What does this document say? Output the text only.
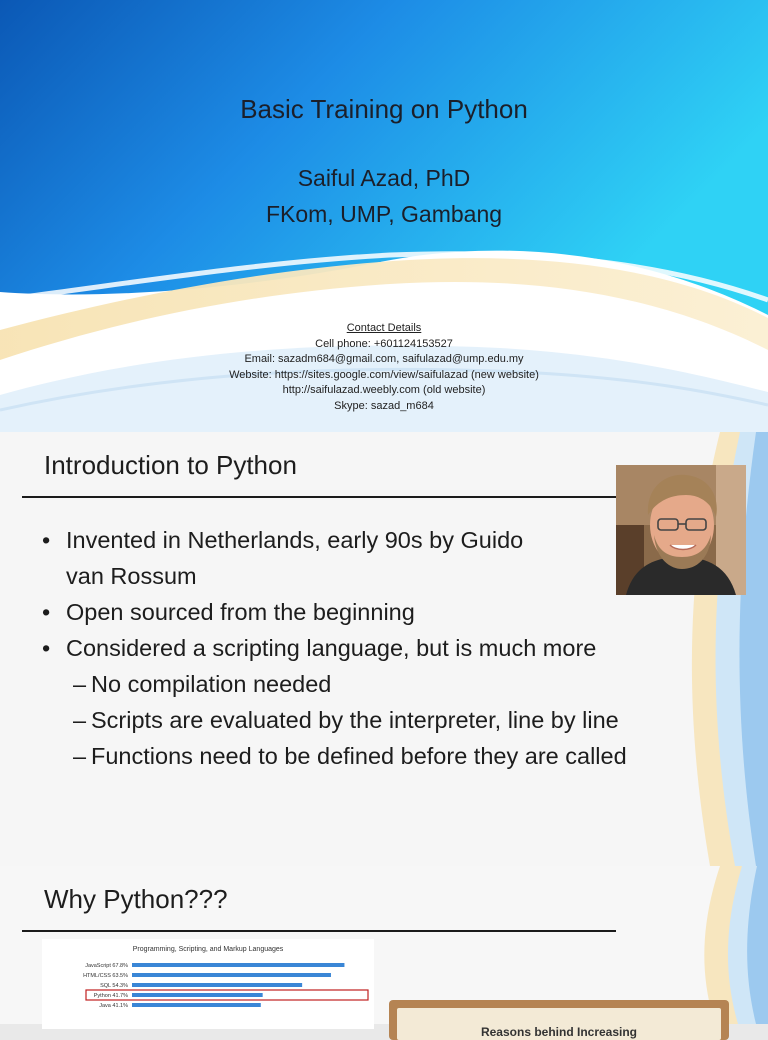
Basic Training on Python
Saiful Azad, PhD
FKom, UMP, Gambang
Contact Details
Cell phone: +601124153527
Email: sazadm684@gmail.com, saifulazad@ump.edu.my
Website: https://sites.google.com/view/saifulazad (new website)
http://saifulazad.weebly.com (old website)
Skype: sazad_m684
Introduction to Python
• Invented in Netherlands, early 90s by Guido
van Rossum
• Open sourced from the beginning
• Considered a scripting language, but is much more
– No compilation needed
– Scripts are evaluated by the interpreter, line by line
– Functions need to be defined before they are called
Why Python???
Programming, Scripting, and Markup Languages
JavaScript 67.8%
HTML/CSS 63.5%
SQL 54.3%
Python 41.7%
Java 41.1%
Reasons behind Increasing
